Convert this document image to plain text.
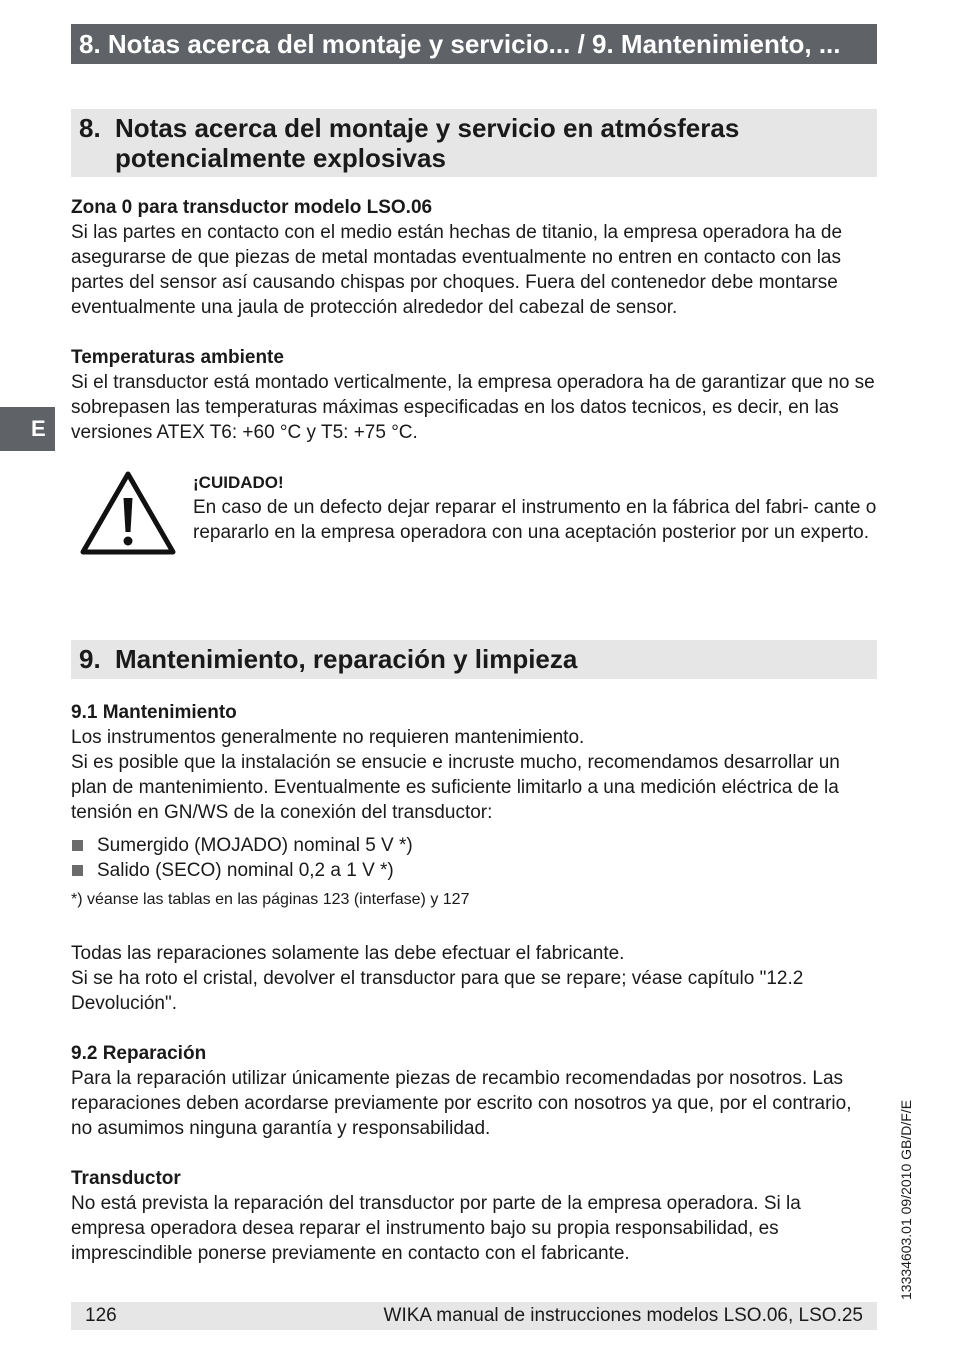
8. Notas acerca del montaje y servicio... / 9. Mantenimiento, ...
E
8. Notas acerca del montaje y servicio en atmósferas potencialmente explosivas
Zona 0 para transductor modelo LSO.06

Si las partes en contacto con el medio están hechas de titanio, la empresa operadora ha de asegurarse de que piezas de metal montadas eventualmente no entren en contacto con las partes del sensor así causando chispas por choques. Fuera del contenedor debe montarse eventualmente una jaula de protección alrededor del cabezal de sensor.

Temperaturas ambiente

Si el transductor está montado verticalmente, la empresa operadora ha de garantizar que no se sobrepasen las temperaturas máximas especificadas en los datos tecnicos, es decir, en las versiones ATEX T6: +60 °C y T5: +75 °C.

¡CUIDADO!

En caso de un defecto dejar reparar el instrumento en la fábrica del fabri- cante o repararlo en la empresa operadora con una aceptación posterior por un experto.

9. Mantenimiento, reparación y limpieza
9.1 Mantenimiento

Los instrumentos generalmente no requieren mantenimiento.

Si es posible que la instalación se ensucie e incruste mucho, recomendamos desarrollar un plan de mantenimiento. Eventualmente es suficiente limitarlo a una medición eléctrica de la tensión en GN/WS de la conexión del transductor:

Sumergido (MOJADO) nominal 5 V *)
Salido (SECO) nominal 0,2 a 1 V *)
*) véanse las tablas en las páginas 123 (interfase) y 127

Todas las reparaciones solamente las debe efectuar el fabricante.

Si se ha roto el cristal, devolver el transductor para que se repare; véase capítulo "12.2 Devolución".

9.2 Reparación

Para la reparación utilizar únicamente piezas de recambio recomendadas por nosotros. Las reparaciones deben acordarse previamente por escrito con nosotros ya que, por el contrario, no asumimos ninguna garantía y responsabilidad.

Transductor

No está prevista la reparación del transductor por parte de la empresa operadora. Si la empresa operadora desea reparar el instrumento bajo su propia responsabilidad, es imprescindible ponerse previamente en contacto con el fabricante.	13334603.01 09/2010 GB/D/F/E
126	WIKA manual de instrucciones modelos LSO.06, LSO.25
